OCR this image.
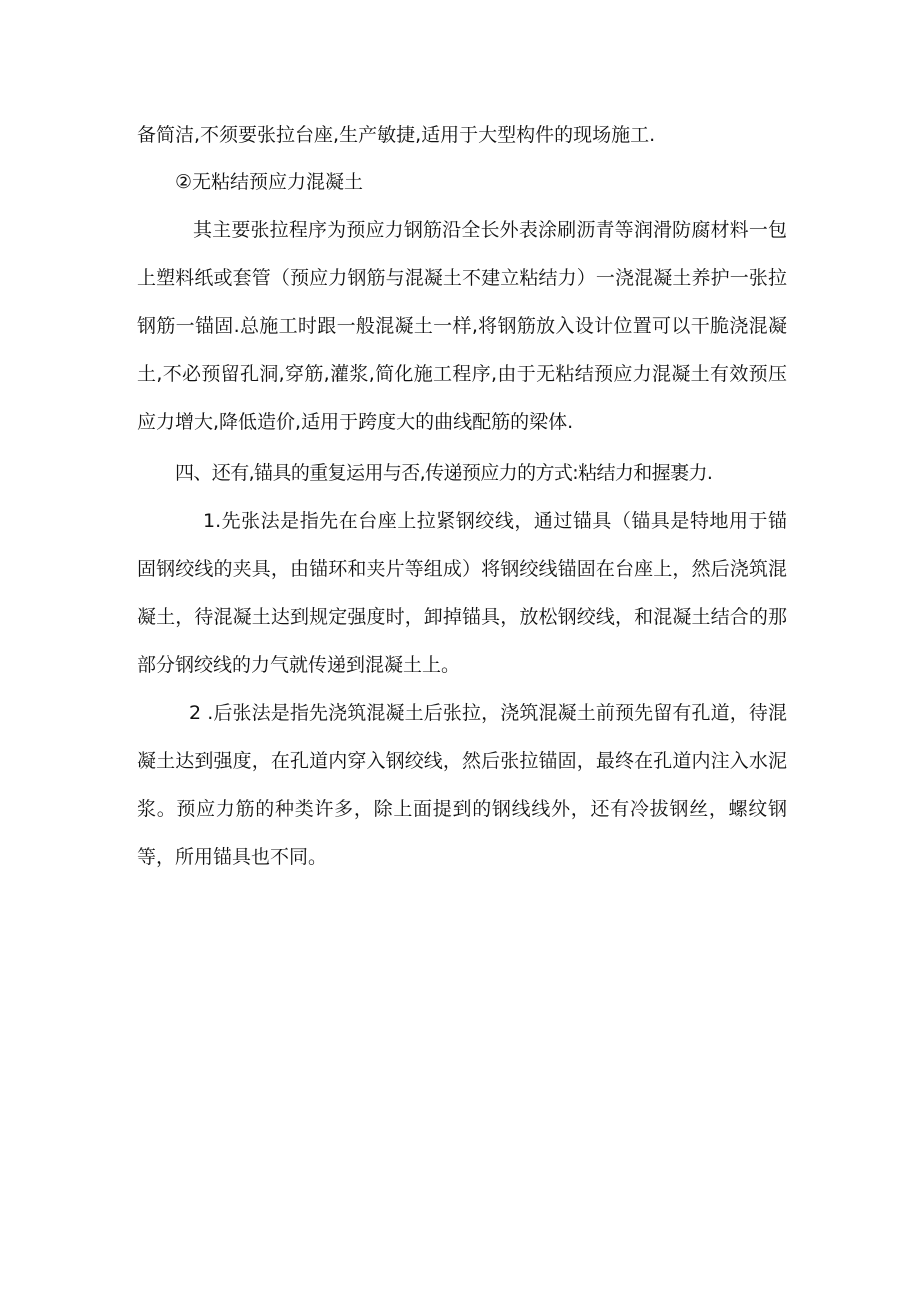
备简洁,不须要张拉台座,生产敏捷,适用于大型构件的现场施工.

②无粘结预应力混凝土

其主要张拉程序为预应力钢筋沿全长外表涂刷沥青等润滑防腐材料一包上塑料纸或套管（预应力钢筋与混凝土不建立粘结力）一浇混凝土养护一张拉钢筋一锚固.总施工时跟一般混凝土一样,将钢筋放入设计位置可以干脆浇混凝土,不必预留孔洞,穿筋,灌浆,简化施工程序,由于无粘结预应力混凝土有效预压应力增大,降低造价,适用于跨度大的曲线配筋的梁体.

四、还有,锚具的重复运用与否,传递预应力的方式:粘结力和握裹力.

1.先张法是指先在台座上拉紧钢绞线，通过锚具（锚具是特地用于锚固钢绞线的夹具，由锚环和夹片等组成）将钢绞线锚固在台座上，然后浇筑混凝土，待混凝土达到规定强度时，卸掉锚具，放松钢绞线，和混凝土结合的那部分钢绞线的力气就传递到混凝土上。

2 .后张法是指先浇筑混凝土后张拉，浇筑混凝土前预先留有孔道，待混凝土达到强度，在孔道内穿入钢绞线，然后张拉锚固，最终在孔道内注入水泥浆。预应力筋的种类许多，除上面提到的钢线线外，还有冷拔钢丝，螺纹钢等，所用锚具也不同。
